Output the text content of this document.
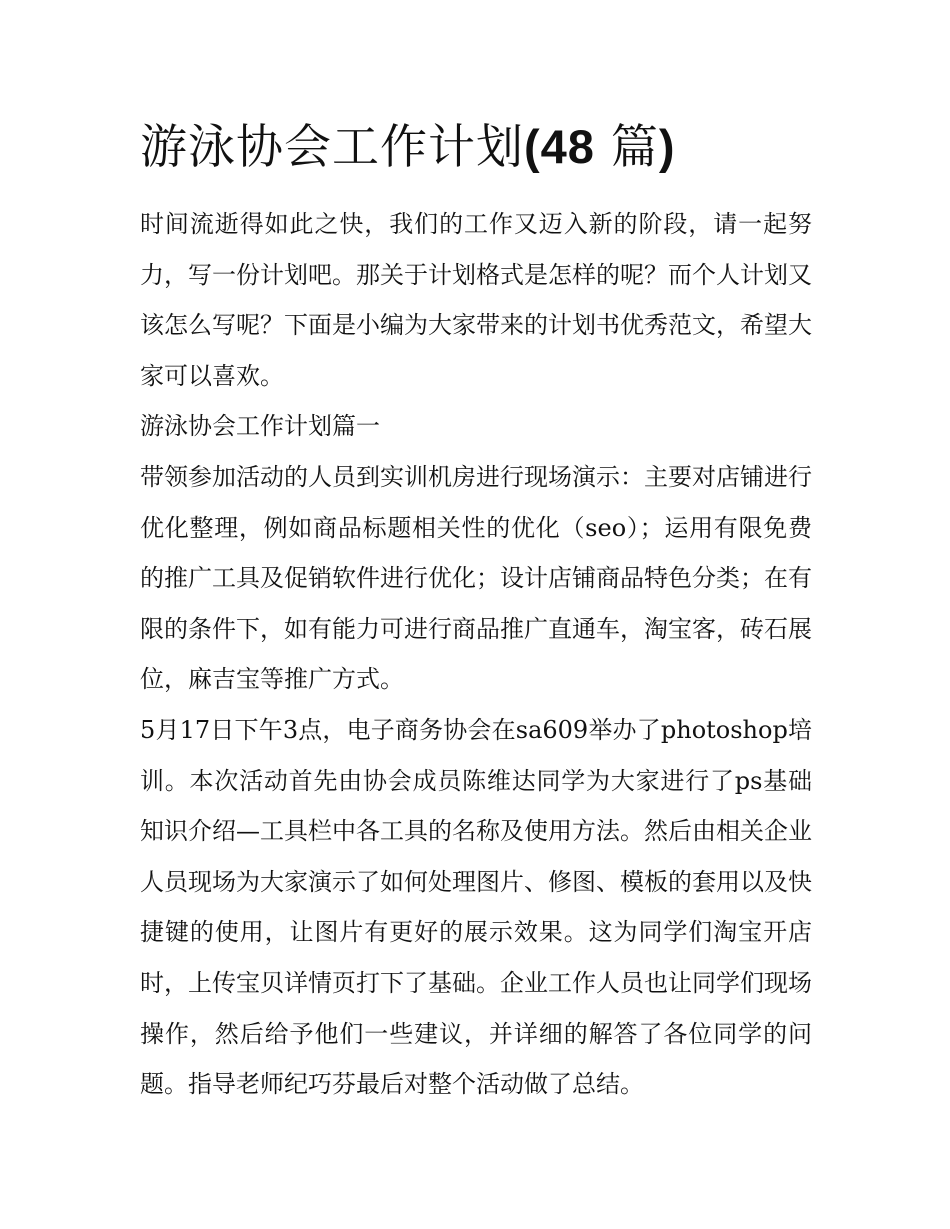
游泳协会工作计划(48 篇)

时间流逝得如此之快，我们的工作又迈入新的阶段，请一起努力，写一份计划吧。那关于计划格式是怎样的呢？而个人计划又该怎么写呢？下面是小编为大家带来的计划书优秀范文，希望大家可以喜欢。

游泳协会工作计划篇一

带领参加活动的人员到实训机房进行现场演示：主要对店铺进行优化整理，例如商品标题相关性的优化（seo）；运用有限免费的推广工具及促销软件进行优化；设计店铺商品特色分类；在有限的条件下，如有能力可进行商品推广直通车，淘宝客，砖石展位，麻吉宝等推广方式。

5月17日下午3点，电子商务协会在sa609举办了photoshop培训。本次活动首先由协会成员陈维达同学为大家进行了ps基础知识介绍—工具栏中各工具的名称及使用方法。然后由相关企业人员现场为大家演示了如何处理图片、修图、模板的套用以及快捷键的使用，让图片有更好的展示效果。这为同学们淘宝开店时，上传宝贝详情页打下了基础。企业工作人员也让同学们现场操作，然后给予他们一些建议，并详细的解答了各位同学的问题。指导老师纪巧芬最后对整个活动做了总结。
